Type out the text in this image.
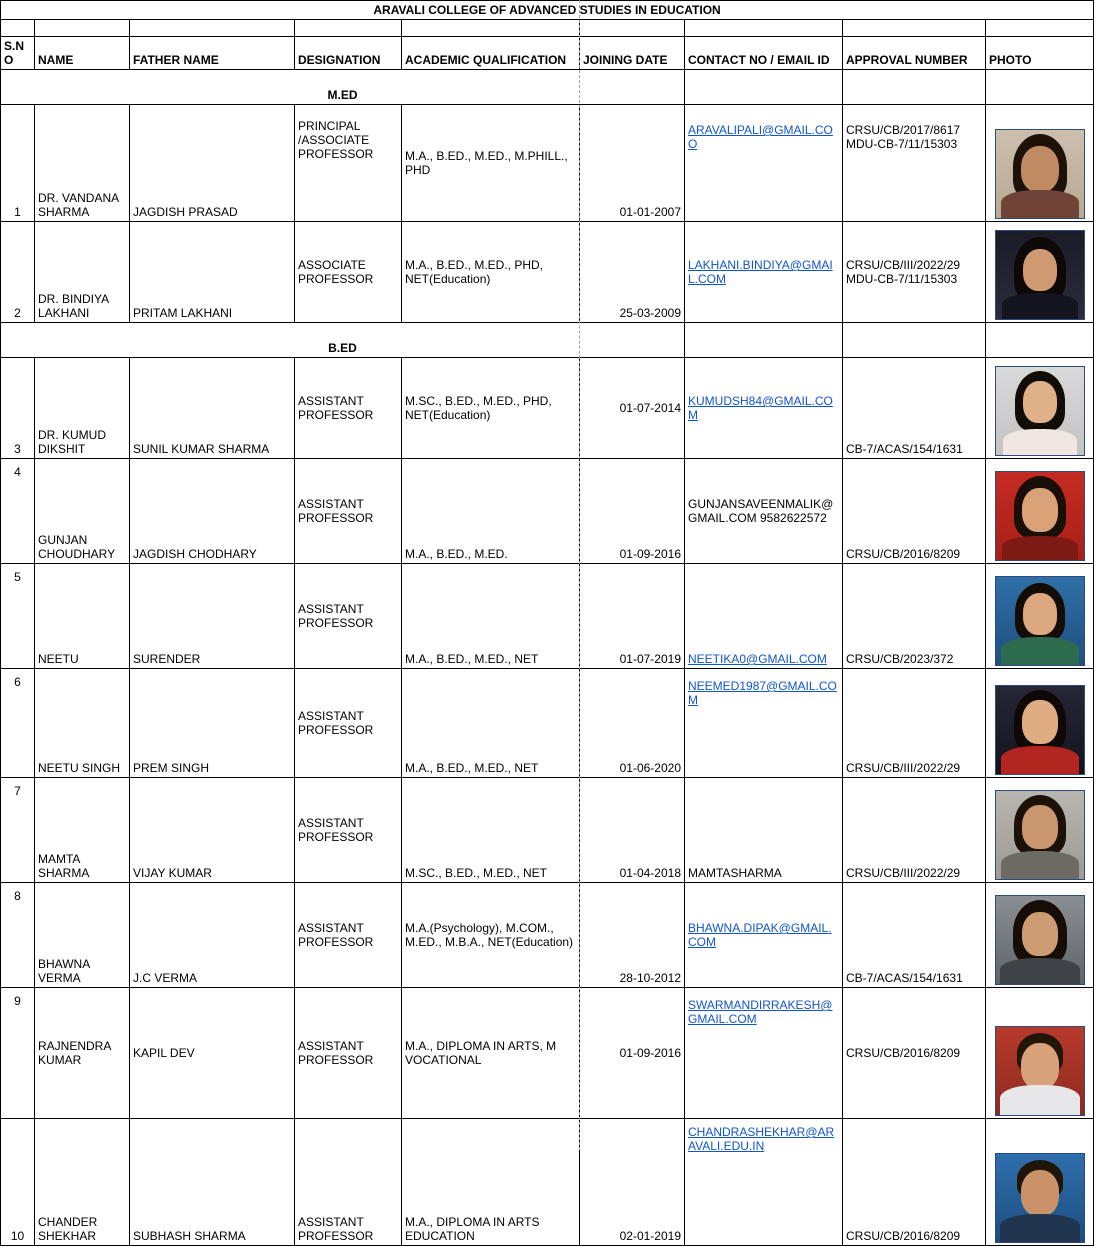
ARAVALI COLLEGE OF ADVANCED STUDIES IN EDUCATION								

S.NO	NAME	FATHER NAME	DESIGNATION	ACADEMIC QUALIFICATION	JOINING DATE	CONTACT NO / EMAIL ID	APPROVAL NUMBER	PHOTO
M.ED								
1	DR. VANDANA SHARMA	JAGDISH PRASAD	PRINCIPAL /ASSOCIATE PROFESSOR	M.A., B.ED., M.ED., M.PHILL., PHD	01-01-2007	ARAVALIPALI@GMAIL.COO	CRSU/CB/2017/8617
MDU-CB-7/11/15303	

2	DR. BINDIYA LAKHANI	PRITAM LAKHANI	ASSOCIATE PROFESSOR	M.A., B.ED., M.ED., PHD, NET(Education)	25-03-2009	LAKHANI.BINDIYA@GMAIL.COM	CRSU/CB/III/2022/29
MDU-CB-7/11/15303	

B.ED								
3	DR. KUMUD DIKSHIT	SUNIL KUMAR SHARMA	ASSISTANT PROFESSOR	M.SC., B.ED., M.ED., PHD, NET(Education)	01-07-2014	KUMUDSH84@GMAIL.COM	CB-7/ACAS/154/1631	

4	GUNJAN CHOUDHARY	JAGDISH CHODHARY	ASSISTANT PROFESSOR	M.A., B.ED., M.ED.	01-09-2016	GUNJANSAVEENMALIK@GMAIL.COM 9582622572	CRSU/CB/2016/8209	

5	NEETU	SURENDER	ASSISTANT PROFESSOR	M.A., B.ED., M.ED., NET	01-07-2019	NEETIKA0@GMAIL.COM	CRSU/CB/2023/372	

6	NEETU SINGH	PREM SINGH	ASSISTANT PROFESSOR	M.A., B.ED., M.ED., NET	01-06-2020	NEEMED1987@GMAIL.COM	CRSU/CB/III/2022/29	

7	MAMTA SHARMA	VIJAY KUMAR	ASSISTANT PROFESSOR	M.SC., B.ED., M.ED., NET	01-04-2018	MAMTASHARMA	CRSU/CB/III/2022/29	

8	BHAWNA VERMA	J.C VERMA	ASSISTANT PROFESSOR	M.A.(Psychology), M.COM., M.ED., M.B.A., NET(Education)	28-10-2012	BHAWNA.DIPAK@GMAIL.COM	CB-7/ACAS/154/1631	

9	RAJNENDRA KUMAR	KAPIL DEV	ASSISTANT PROFESSOR	M.A., DIPLOMA IN ARTS, M VOCATIONAL	01-09-2016	SWARMANDIRRAKESH@GMAIL.COM	CRSU/CB/2016/8209	

10	CHANDER SHEKHAR	SUBHASH SHARMA	ASSISTANT PROFESSOR	M.A., DIPLOMA IN ARTS EDUCATION	02-01-2019	CHANDRASHEKHAR@ARAVALI.EDU.IN	CRSU/CB/2016/8209	
